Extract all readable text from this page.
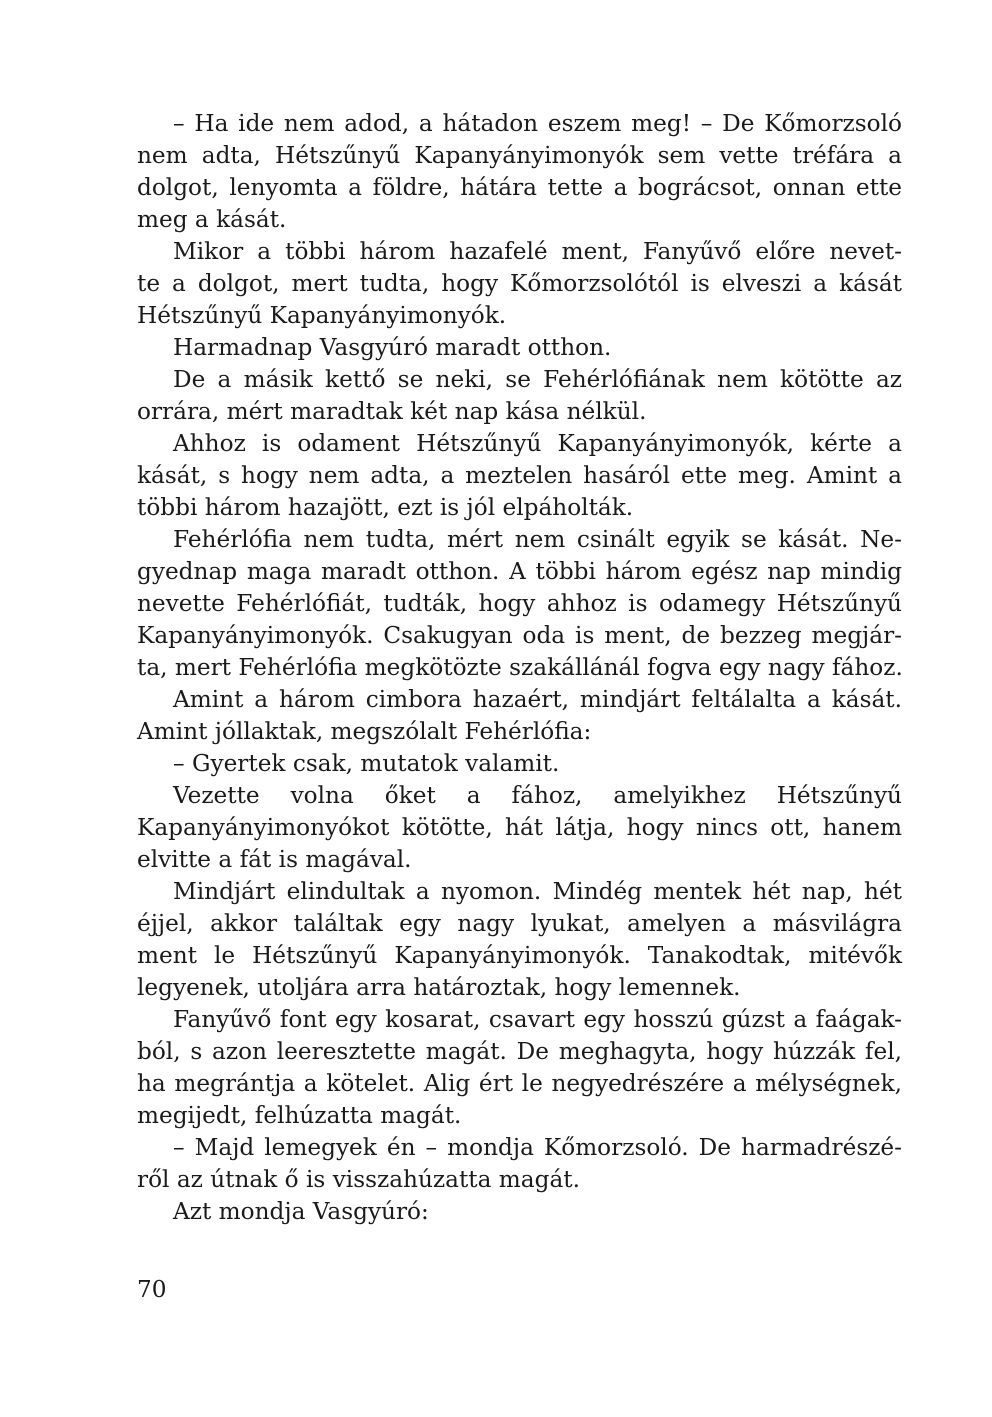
– Ha ide nem adod, a hátadon eszem meg! – De Kőmorzsoló
nem adta, Hétszűnyű Kapanyányimonyók sem vette tréfára a
dolgot, lenyomta a földre, hátára tette a bográcsot, onnan ette
meg a kását.
Mikor a többi három hazafelé ment, Fanyűvő előre nevet-
te a dolgot, mert tudta, hogy Kőmorzsolótól is elveszi a kását
Hétszűnyű Kapanyányimonyók.
Harmadnap Vasgyúró maradt otthon.
De a másik kettő se neki, se Fehérlófiának nem kötötte az
orrára, mért maradtak két nap kása nélkül.
Ahhoz is odament Hétszűnyű Kapanyányimonyók, kérte a
kását, s hogy nem adta, a meztelen hasáról ette meg. Amint a
többi három hazajött, ezt is jól elpáholták.
Fehérlófia nem tudta, mért nem csinált egyik se kását. Ne-
gyednap maga maradt otthon. A többi három egész nap mindig
nevette Fehérlófiát, tudták, hogy ahhoz is odamegy Hétszűnyű
Kapanyányimonyók. Csakugyan oda is ment, de bezzeg megjár-
ta, mert Fehérlófia megkötözte szakállánál fogva egy nagy fához.
Amint a három cimbora hazaért, mindjárt feltálalta a kását.
Amint jóllaktak, megszólalt Fehérlófia:
– Gyertek csak, mutatok valamit.
Vezette volna őket a fához, amelyikhez Hétszűnyű
Kapanyányimonyókot kötötte, hát látja, hogy nincs ott, hanem
elvitte a fát is magával.
Mindjárt elindultak a nyomon. Mindég mentek hét nap, hét
éjjel, akkor találtak egy nagy lyukat, amelyen a másvilágra
ment le Hétszűnyű Kapanyányimonyók. Tanakodtak, mitévők
legyenek, utoljára arra határoztak, hogy lemennek.
Fanyűvő font egy kosarat, csavart egy hosszú gúzst a faágak-
ból, s azon leeresztette magát. De meghagyta, hogy húzzák fel,
ha megrántja a kötelet. Alig ért le negyedrészére a mélységnek,
megijedt, felhúzatta magát.
– Majd lemegyek én – mondja Kőmorzsoló. De harmadrészé-
ről az útnak ő is visszahúzatta magát.
Azt mondja Vasgyúró:
70
